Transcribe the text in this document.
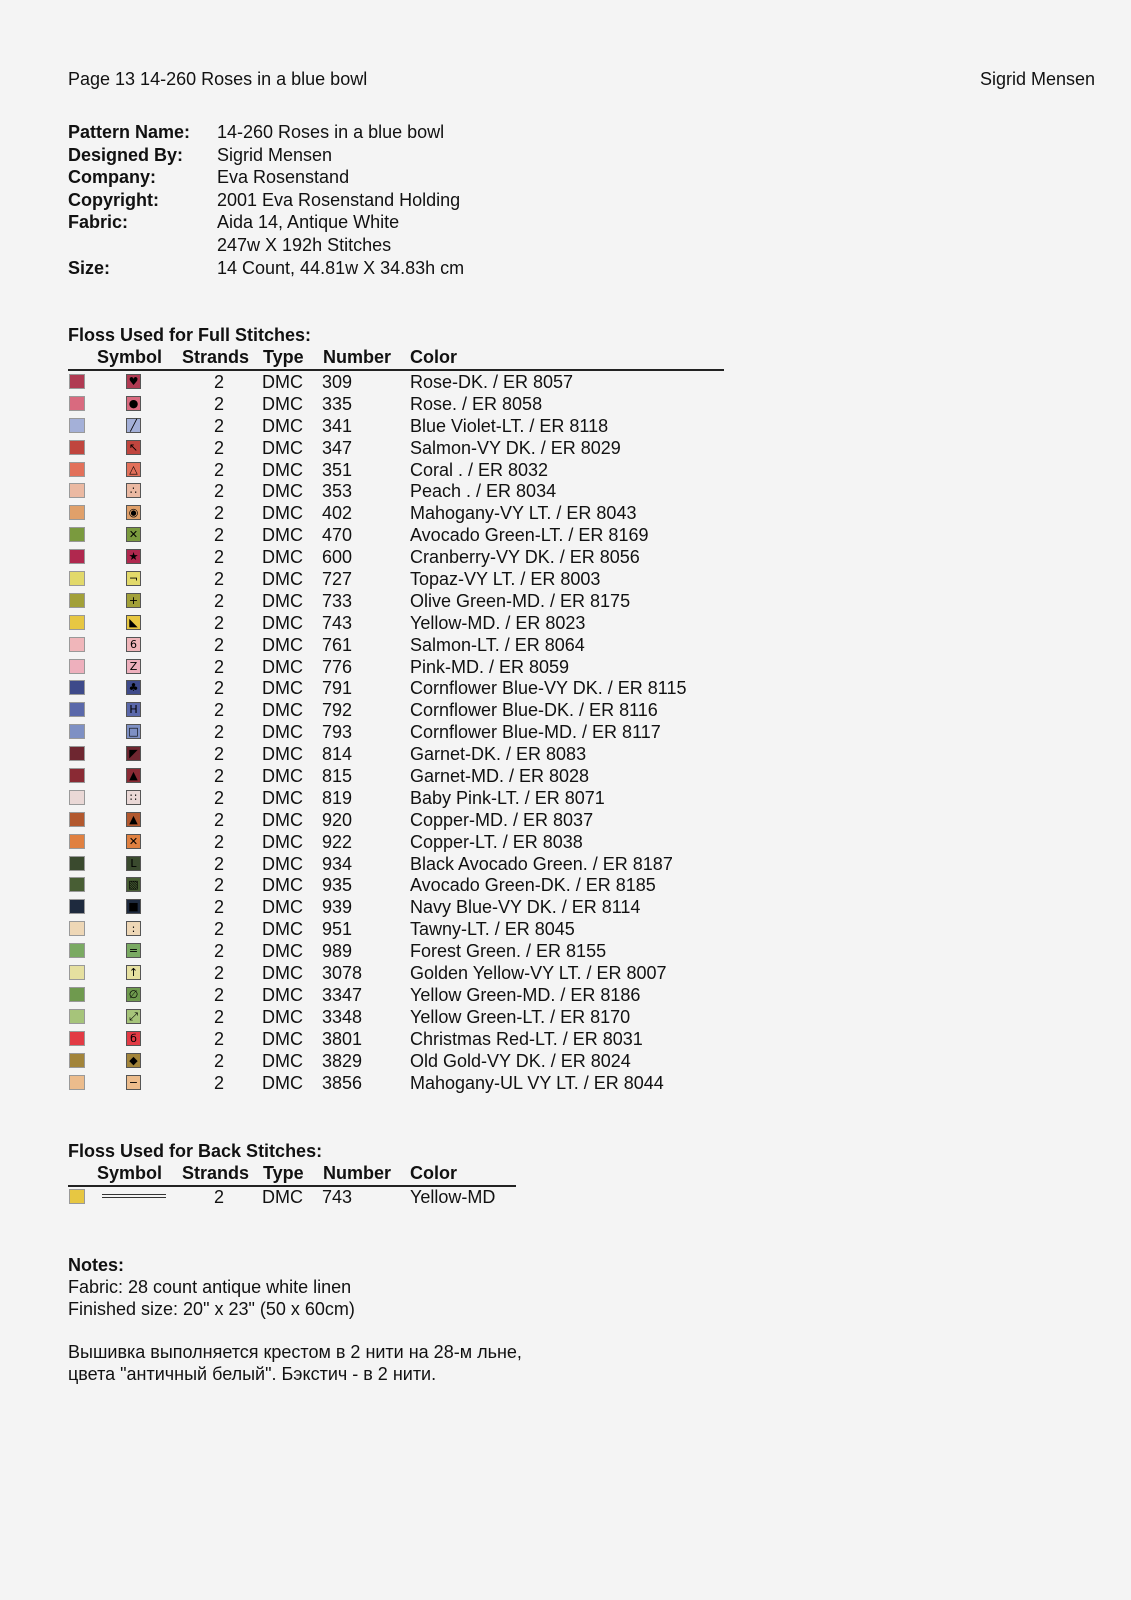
Page 13 14-260 Roses in a blue bowl	Sigrid Mensen
Pattern Name:	14-260 Roses in a blue bowl
Designed By:	Sigrid Mensen
Company:	Eva Rosenstand
Copyright:	2001 Eva Rosenstand Holding
Fabric:	Aida 14, Antique White
247w X 192h Stitches
Size:	14 Count, 44.81w X 34.83h cm
Floss Used for Full Stitches:
Symbol Strands Type Number Color
♥	2 DMC 309	Rose-DK. / ER 8057
●	2 DMC 335	Rose. / ER 8058
╱	2 DMC 341	Blue Violet-LT. / ER 8118
↖	2 DMC 347	Salmon-VY DK. / ER 8029
△	2 DMC 351	Coral . / ER 8032
∴	2 DMC 353	Peach . / ER 8034
◉	2 DMC 402	Mahogany-VY LT. / ER 8043
✕	2 DMC 470	Avocado Green-LT. / ER 8169
★	2 DMC 600	Cranberry-VY DK. / ER 8056
¬	2 DMC 727	Topaz-VY LT. / ER 8003
+	2 DMC 733	Olive Green-MD. / ER 8175
◣	2 DMC 743	Yellow-MD. / ER 8023
6	2 DMC 761	Salmon-LT. / ER 8064
Z	2 DMC 776	Pink-MD. / ER 8059
♣	2 DMC 791	Cornflower Blue-VY DK. / ER 8115
H	2 DMC 792	Cornflower Blue-DK. / ER 8116
□	2 DMC 793	Cornflower Blue-MD. / ER 8117
◤	2 DMC 814	Garnet-DK. / ER 8083
▲	2 DMC 815	Garnet-MD. / ER 8028
∷	2 DMC 819	Baby Pink-LT. / ER 8071
▲	2 DMC 920	Copper-MD. / ER 8037
✕	2 DMC 922	Copper-LT. / ER 8038
L	2 DMC 934	Black Avocado Green. / ER 8187
▧	2 DMC 935	Avocado Green-DK. / ER 8185
■	2 DMC 939	Navy Blue-VY DK. / ER 8114
:	2 DMC 951	Tawny-LT. / ER 8045
=	2 DMC 989	Forest Green. / ER 8155
↑	2 DMC 3078	Golden Yellow-VY LT. / ER 8007
∅	2 DMC 3347	Yellow Green-MD. / ER 8186
⤢	2 DMC 3348	Yellow Green-LT. / ER 8170
б	2 DMC 3801	Christmas Red-LT. / ER 8031
◆	2 DMC 3829	Old Gold-VY DK. / ER 8024
−	2 DMC 3856	Mahogany-UL VY LT. / ER 8044
Floss Used for Back Stitches:
Symbol Strands Type Number Color
2 DMC 743	Yellow-MD
Notes:
Fabric: 28 count antique white linen
Finished size: 20" x 23" (50 x 60cm)
Вышивка выполняется крестом в 2 нити на 28-м льне,
цвета "античный белый". Бэкстич - в 2 нити.
